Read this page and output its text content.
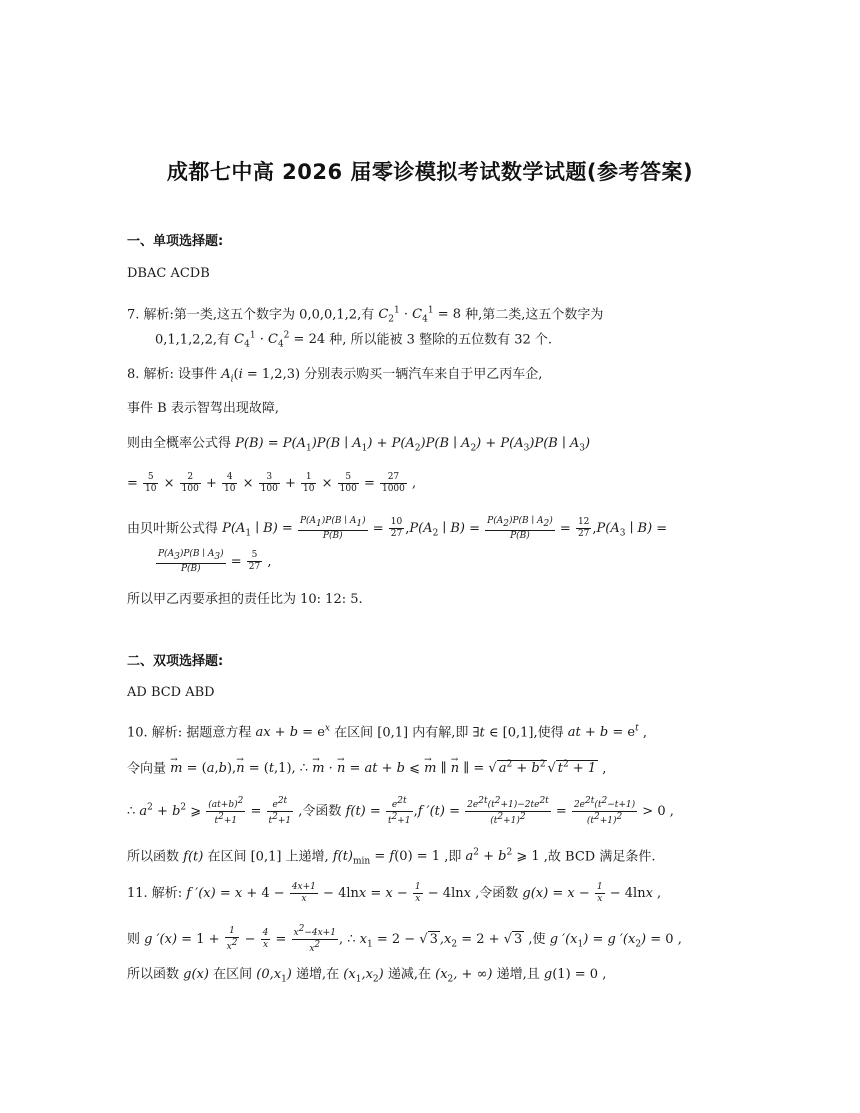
成都七中高 2026 届零诊模拟考试数学试题(参考答案)
一、单项选择题:
DBAC ACDB
7. 解析:第一类,这五个数字为 0,0,0,1,2,有 $C_2^1 \cdot C_4^1 = 8$ 种,第二类,这五个数字为
0,1,1,2,2,有 $C_4^1 \cdot C_4^2 = 24$ 种, 所以能被 3 整除的五位数有 32 个.
8. 解析: 设事件 $A_i(i = 1,2,3)$ 分别表示购买一辆汽车来自于甲乙丙车企,
事件 B 表示智驾出现故障,
则由全概率公式得 $P(B) = P(A_1)P(B$ ∣ $A_1) + P(A_2)P(B$ ∣ $A_2) + P(A_3)P(B$ ∣ $A_3$)
= $\frac{5}{10} \times \frac{2}{100} + \frac{4}{10} \times \frac{3}{100} + \frac{1}{10} \times \frac{5}{100} = \frac{27}{1000}$ ,
由贝叶斯公式得 $P(A_1$ ∣ $B) = \frac{P(A_1)P(B ∣ A_1)}{P(B)} = \frac{10}{27} ,P(A_2$ ∣ $B) = \frac{P(A_2)P(B ∣ A_2)}{P(B)} = \frac{12}{27} ,P(A_3$ ∣ B) =
$\frac{P(A_3)P(B ∣ A_3)}{P(B)} = \frac{5}{27}$ ,
所以甲乙丙要承担的责任比为 10: 12: 5.
二、双项选择题:
AD BCD ABD
10. 解析: 据题意方程 ax + $b = e^x$ 在区间 [0,1] 内有解,即 ∃t ∈ [0,1],使得 at + $b = e^t$ ,
令向量 → m = (a,b),→ n = (t,1), ∴ → m · → n = at + b ⩽ → m ∥ → n ∥ = √ $a^2 + b^2$ √ $t^2 + 1$ ,
∴ $a^2 + b^2$ ⩾ $\frac{(at+b)^2}{t^2+1} = \frac{e^{2t}}{t^2+1}$ ,令函数 $f(t) = \frac{e^{2t}}{t^2+1} ,f$ $'(t) = \frac{2e^{2t}(t^2+1)-2te^{2t}}{(t^2+1)^2} = \frac{2e^{2t}(t^2-t+1)}{(t^2+1)^2} > 0$ ,
所以函数 f(t) 在区间 [0,1] 上递增, $f(t)_{min} = f(0) = 1$ ,即 $a^2 + b^2$ ⩾ 1 ,故 BCD 满足条件.
11. 解析: f $'(x) = x + 4 - \frac{4x+1}{x} - 4\ln x = x - \frac{1}{x} - 4\ln x$ ,令函数 $g(x) = x - \frac{1}{x} - 4\ln x$ ,
则 g $'(x) = 1 + \frac{1}{x^2} - \frac{4}{x} = \frac{x^2-4x+1}{x^2}$ , ∴ $x_1 = 2$ − √ 3 $,x_2 = 2$ + √ 3 ,使 g $'(x_1) = g$ $'(x_2) = 0$ ,
所以函数 g(x) 在区间 $(0,x_1)$ 递增,在 $(x_1,x_2)$ 递减,在 ($x_2$, + ∞) 递增,且 g(1) = 0 ,
